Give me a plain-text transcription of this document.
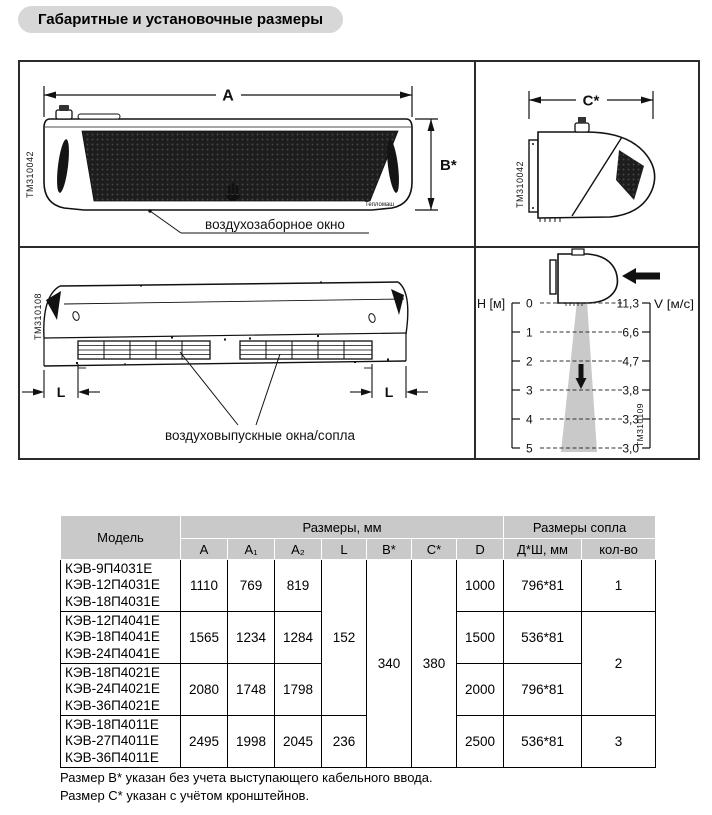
Габаритные и установочные размеры
TM310042
A
Тепломаш
B*
воздухозаборное окно
TM310042
C*
TM310108
L	L
воздуховыпускные окна/сопла
H [м] 0
1
2
3
4
5
11,3
6,6
4,7
3,8
3,3
3,0
V [м/с]
TM310109
Модель	Размеры, мм							Размеры сопла	
	A	A₁	A₂	L	B*	C*	D	Д*Ш, мм	кол-во

КЭВ-9П4031Е
КЭВ-12П4031Е
КЭВ-18П4031Е	1110	769	819	152	340	380	1000	796*81	1

КЭВ-12П4041Е
КЭВ-18П4041Е
КЭВ-24П4041Е	1565	1234	1284				1500	536*81	2

КЭВ-18П4021Е
КЭВ-24П4021Е
КЭВ-36П4021Е	2080	1748	1798				2000	796*81	

КЭВ-18П4011Е
КЭВ-27П4011Е
КЭВ-36П4011Е	2495	1998	2045	236			2500	536*81	3
Размер В* указан без учета выступающего кабельного ввода.
Размер С* указан с учётом кронштейнов.
